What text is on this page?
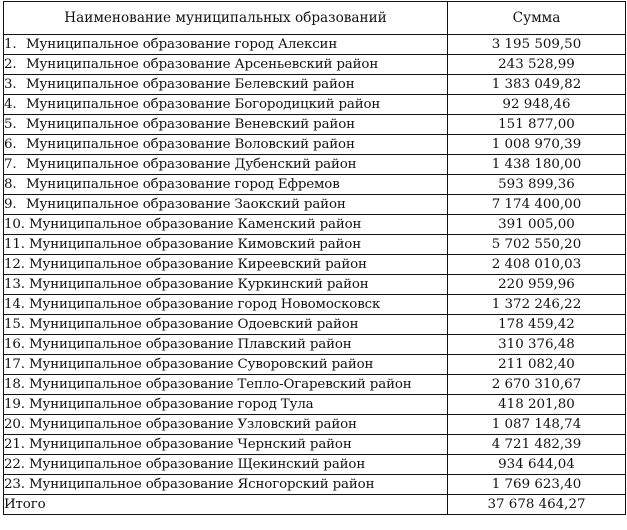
Наименование муниципальных образований	Сумма
1. Муниципальное образование город Алексин	3 195 509,50
2. Муниципальное образование Арсеньевский район	243 528,99
3. Муниципальное образование Белевский район	1 383 049,82
4. Муниципальное образование Богородицкий район	92 948,46
5. Муниципальное образование Веневский район	151 877,00
6. Муниципальное образование Воловский район	1 008 970,39
7. Муниципальное образование Дубенский район	1 438 180,00
8. Муниципальное образование город Ефремов	593 899,36
9. Муниципальное образование Заокский район	7 174 400,00
10. Муниципальное образование Каменский район	391 005,00
11. Муниципальное образование Кимовский район	5 702 550,20
12. Муниципальное образование Киреевский район	2 408 010,03
13. Муниципальное образование Куркинский район	220 959,96
14. Муниципальное образование город Новомосковск	1 372 246,22
15. Муниципальное образование Одоевский район	178 459,42
16. Муниципальное образование Плавский район	310 376,48
17. Муниципальное образование Суворовский район	211 082,40
18. Муниципальное образование Тепло-Огаревский район	2 670 310,67
19. Муниципальное образование город Тула	418 201,80
20. Муниципальное образование Узловский район	1 087 148,74
21. Муниципальное образование Чернский район	4 721 482,39
22. Муниципальное образование Щекинский район	934 644,04
23. Муниципальное образование Ясногорский район	1 769 623,40
Итого	37 678 464,27
